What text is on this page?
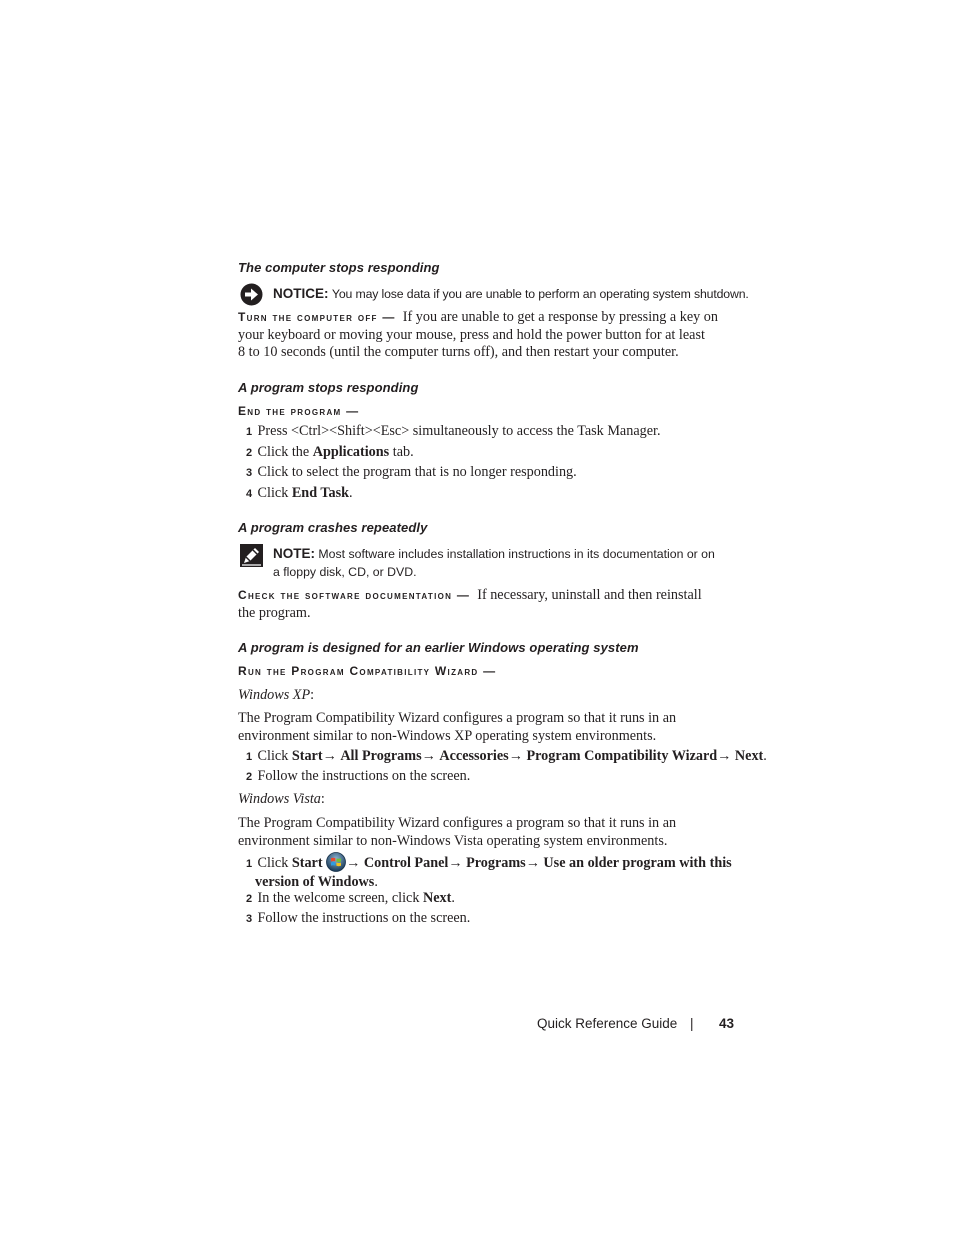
The computer stops responding
NOTICE: You may lose data if you are unable to perform an operating system shutdown.
Turn the computer off — If you are unable to get a response by pressing a key on
your keyboard or moving your mouse, press and hold the power button for at least
8 to 10 seconds (until the computer turns off), and then restart your computer.
A program stops responding
End the program —
1 Press <Ctrl><Shift><Esc> simultaneously to access the Task Manager.
2 Click the Applications tab.
3 Click to select the program that is no longer responding.
4 Click End Task.
A program crashes repeatedly
NOTE: Most software includes installation instructions in its documentation or on
a floppy disk, CD, or DVD.
Check the software documentation — If necessary, uninstall and then reinstall
the program.
A program is designed for an earlier Windows operating system
Run the Program Compatibility Wizard —
Windows XP:
The Program Compatibility Wizard configures a program so that it runs in an
environment similar to non-Windows XP operating system environments.
1 Click Start→ All Programs→ Accessories→ Program Compatibility Wizard→ Next.
2 Follow the instructions on the screen.
Windows Vista:
The Program Compatibility Wizard configures a program so that it runs in an
environment similar to non-Windows Vista operating system environments.
1 Click Start → Control Panel→ Programs→ Use an older program with this
version of Windows.
2 In the welcome screen, click Next.
3 Follow the instructions on the screen.
Quick Reference Guide | 43
